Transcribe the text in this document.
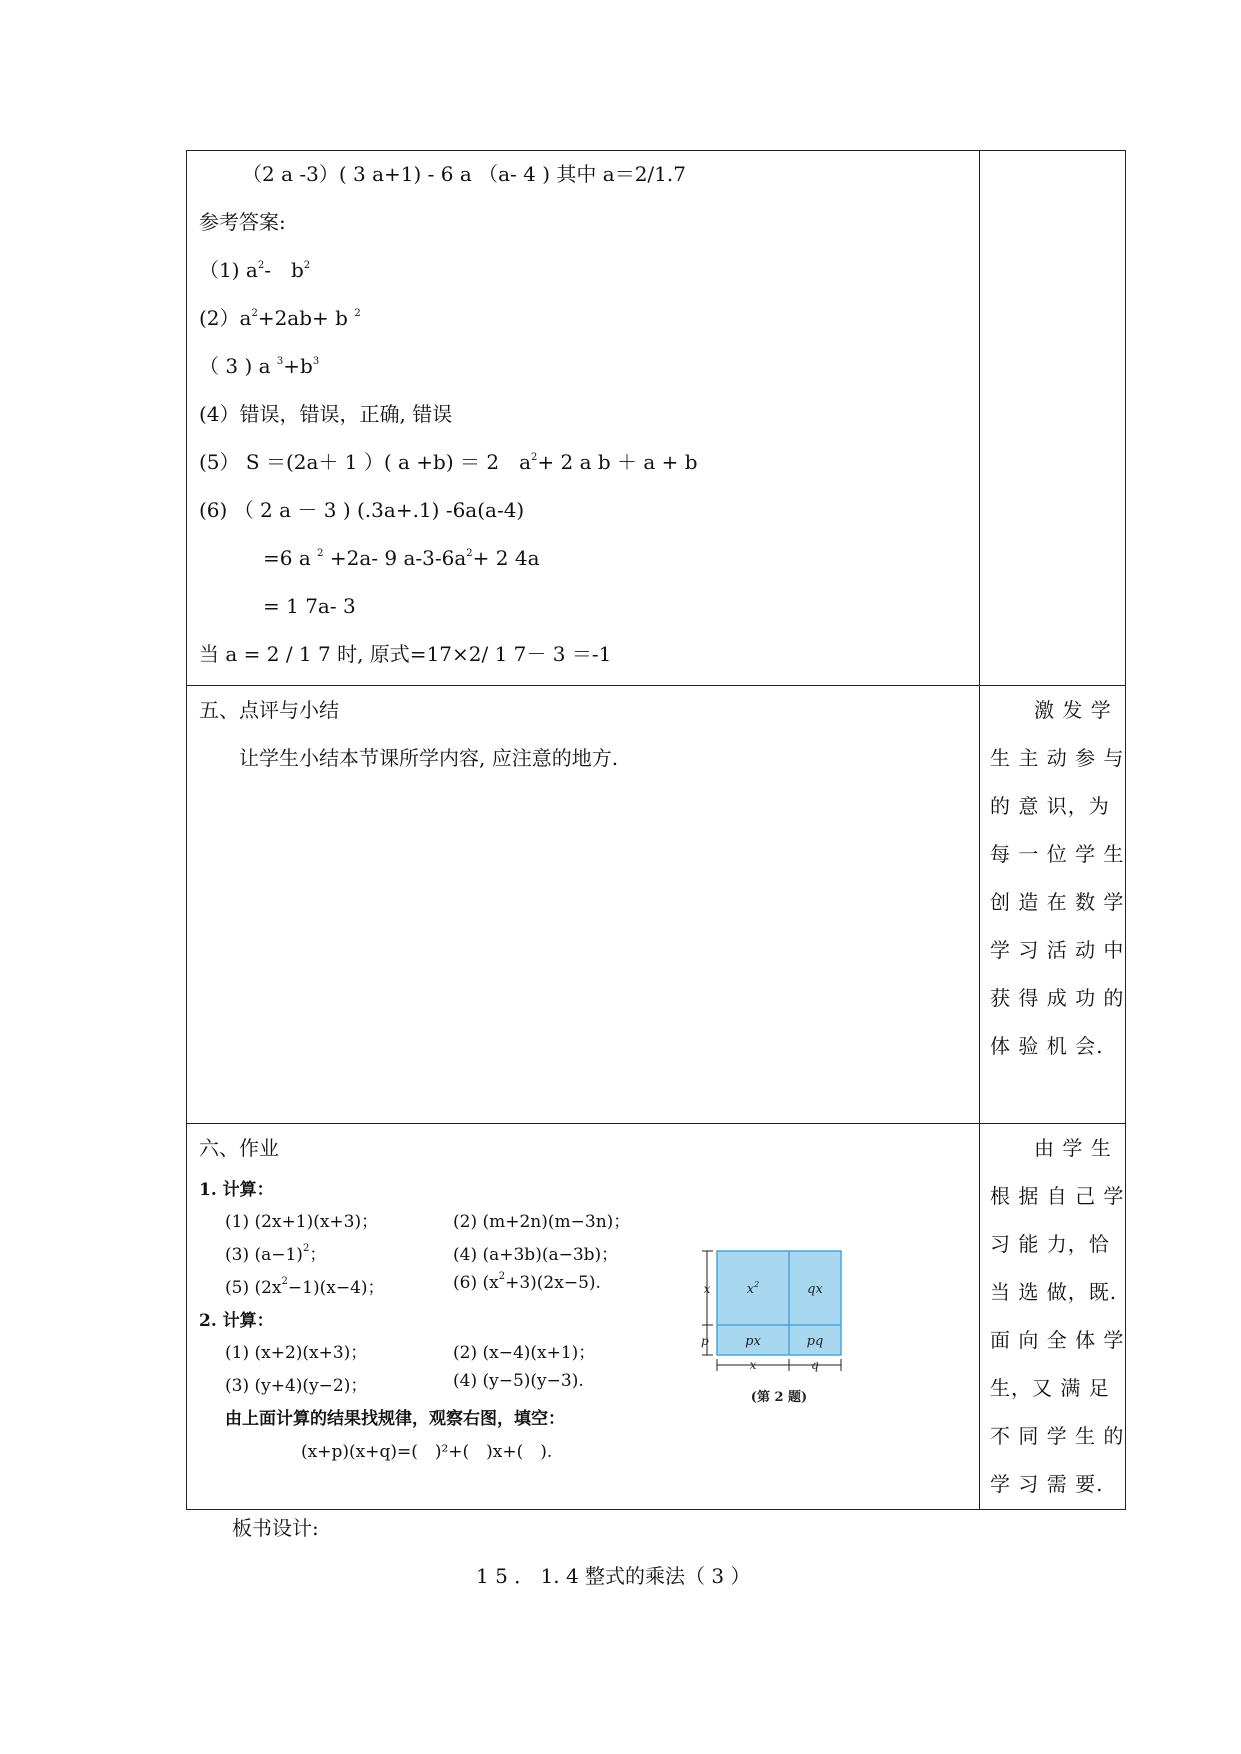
（2 a -3）( 3 a+1) - 6 a （a- 4 ) 其中 a＝2/1.7
参考答案:
（1) $a^2-$　$b^2$
$(2)a^2+2ab+ b$ $^2$
（ 3 ) a $^3+b^3$
(4）错误，错误，正确, 错误
(5） S ＝(2a＋ 1 ）( a +b) ＝ 2　$a^2+ 2$ a b ＋ a + b
(6) （ 2 a － 3 ) (.3a+.1) -6a(a-4)
=6 a $^2$ +2a- 9 $a-3-6a^2+ 2$ 4a
= 1 7a- 3
当 a = 2 / 1 7 时, 原式=17×2/ 1 7－ 3 ＝-1
五、点评与小结
让学生小结本节课所学内容, 应注意的地方.
激 发 学
生 主 动 参 与
的 意 识，为
每 一 位 学 生
创 造 在 数 学
学 习 活 动 中
获 得 成 功 的
体 验 机 会.
六、作业
1. 计算：
(1) (2x+1)(x+3)；	(2) (m+2n)(m−3n)；
(3) $(a-1)^2$；	(4) (a+3b)(a−3b)；
(5) $(2x^2-1)(x-4)$；	(6) $(x^2+3)(2x-5)$.
2. 计算：
(1) (x+2)(x+3)；	(2) (x−4)(x+1)；
(3) (y+4)(y−2)；	(4) (y−5)(y−3).
由上面计算的结果找规律，观察右图，填空：
(x+p)(x+q)=(　)²+(　)x+(　).
$x^2$	qx
px	pq
x
p
x	q
(第 2 题)
由 学 生
根 据 自 己 学
习 能 力，恰
当 选 做，既.
面 向 全 体 学
生，又 满 足
不 同 学 生 的
学 习 需 要.
板书设计:
1 5 ． 1. 4 整式的乘法（ 3 ）
